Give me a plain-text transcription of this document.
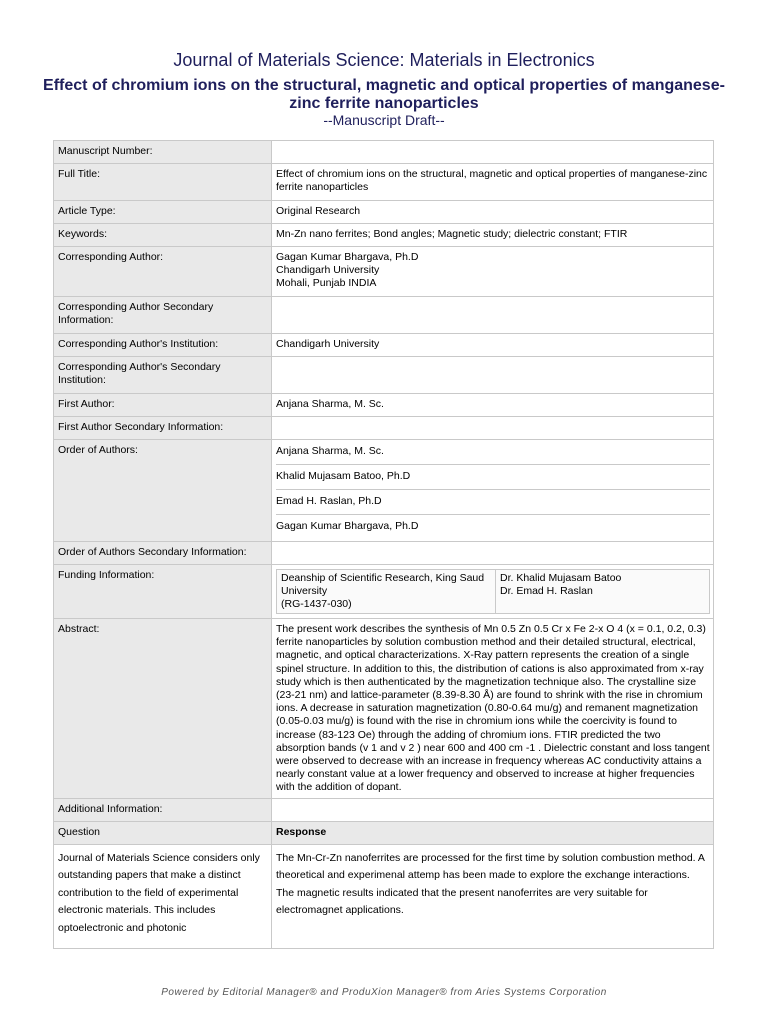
Journal of Materials Science: Materials in Electronics
Effect of chromium ions on the structural, magnetic and optical properties of manganese-zinc ferrite nanoparticles
--Manuscript Draft--
Manuscript Number:	
Full Title:	Effect of chromium ions on the structural, magnetic and optical properties of manganese-zinc ferrite nanoparticles
Article Type:	Original Research
Keywords:	Mn-Zn nano ferrites; Bond angles; Magnetic study; dielectric constant; FTIR
Corresponding Author:	Gagan Kumar Bhargava, Ph.D
Chandigarh University
Mohali, Punjab INDIA

Corresponding Author Secondary Information:	
Corresponding Author's Institution:	Chandigarh University
Corresponding Author's Secondary Institution:	
First Author:	Anjana Sharma, M. Sc.
First Author Secondary Information:	
Order of Authors:	Anjana Sharma, M. Sc.
Khalid Mujasam Batoo, Ph.D
Emad H. Raslan, Ph.D
Gagan Kumar Bhargava, Ph.D

Order of Authors Secondary Information:	
Funding Information:		Deanship of Scientific Research, King Saud University
(RG-1437-030)

Dr. Khalid Mujasam Batoo
Dr. Emad H. Raslan

Abstract:	The present work describes the synthesis of Mn 0.5 Zn 0.5 Cr x Fe 2-x O 4 (x = 0.1, 0.2, 0.3) ferrite nanoparticles by solution combustion method and their detailed structural, electrical, magnetic, and optical characterizations. X-Ray pattern represents the creation of a single spinel structure. In addition to this, the distribution of cations is also approximated from x-ray study which is then authenticated by the magnetization technique also. The crystalline size (23-21 nm) and lattice-parameter (8.39-8.30 Å) are found to shrink with the rise in chromium ions. A decrease in saturation magnetization (0.80-0.64 mu/g) and remanent magnetization (0.05-0.03 mu/g) is found with the rise in chromium ions while the coercivity is found to increase (83-123 Oe) through the adding of chromium ions. FTIR predicted the two absorption bands (v 1 and v 2 ) near 600 and 400 cm -1 . Dielectric constant and loss tangent were observed to decrease with an increase in frequency whereas AC conductivity attains a nearly constant value at a lower frequency and observed to increase at higher frequencies with the addition of dopant.
Additional Information:	
Question	Response
Journal of Materials Science considers only outstanding papers that make a distinct contribution to the field of experimental electronic materials. This includes optoelectronic and photonic	The Mn-Cr-Zn nanoferrites are processed for the first time by solution combustion method. A theoretical and experimenal attemp has been made to explore the exchange interactions. The magnetic results indicated that the present nanoferrites are very suitable for electromagnet applications.
Powered by Editorial Manager® and ProduXion Manager® from Aries Systems Corporation
